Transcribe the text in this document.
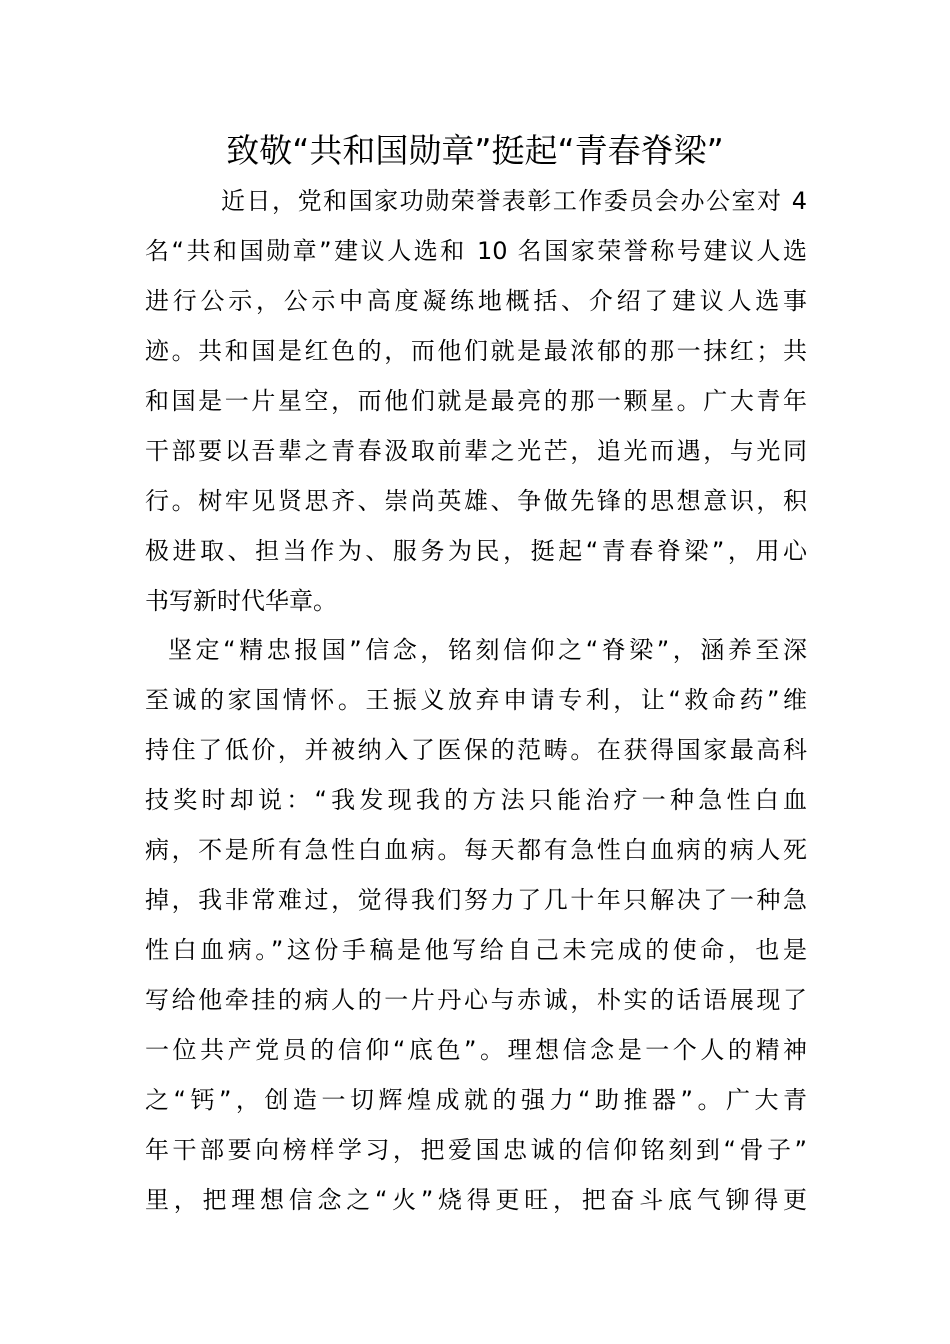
致敬“共和国勋章”挺起“青春脊梁”

近日，党和国家功勋荣誉表彰工作委员会办公室对 4

名“共和国勋章”建议人选和 10 名国家荣誉称号建议人选

进行公示，公示中高度凝练地概括、介绍了建议人选事

迹。共和国是红色的，而他们就是最浓郁的那一抹红；共

和国是一片星空，而他们就是最亮的那一颗星。广大青年

干部要以吾辈之青春汲取前辈之光芒，追光而遇，与光同

行。树牢见贤思齐、崇尚英雄、争做先锋的思想意识，积

极进取、担当作为、服务为民，挺起“青春脊梁”，用心

书写新时代华章。

坚定“精忠报国”信念，铭刻信仰之“脊梁”，涵养至深

至诚的家国情怀。王振义放弃申请专利，让“救命药”维

持住了低价，并被纳入了医保的范畴。在获得国家最高科

技奖时却说：“我发现我的方法只能治疗一种急性白血

病，不是所有急性白血病。每天都有急性白血病的病人死

掉，我非常难过，觉得我们努力了几十年只解决了一种急

性白血病。”这份手稿是他写给自己未完成的使命，也是

写给他牵挂的病人的一片丹心与赤诚，朴实的话语展现了

一位共产党员的信仰“底色”。理想信念是一个人的精神

之“钙”，创造一切辉煌成就的强力“助推器”。广大青

年干部要向榜样学习，把爱国忠诚的信仰铭刻到“骨子”

里，把理想信念之“火”烧得更旺，把奋斗底气铆得更
